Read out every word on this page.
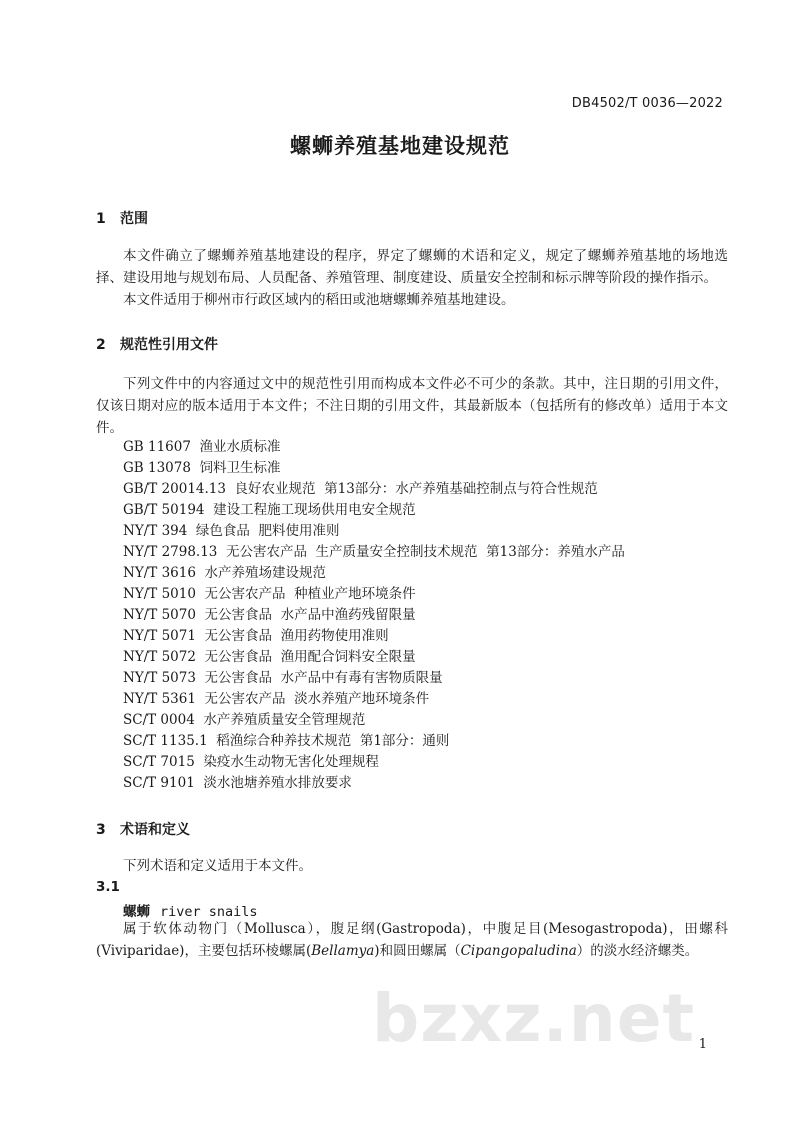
DB4502/T 0036—2022
螺蛳养殖基地建设规范
1 范围
本文件确立了螺蛳养殖基地建设的程序，界定了螺蛳的术语和定义，规定了螺蛳养殖基地的场地选择、建设用地与规划布局、人员配备、养殖管理、制度建设、质量安全控制和标示牌等阶段的操作指示。
本文件适用于柳州市行政区域内的稻田或池塘螺蛳养殖基地建设。
2 规范性引用文件
下列文件中的内容通过文中的规范性引用而构成本文件必不可少的条款。其中，注日期的引用文件，仅该日期对应的版本适用于本文件；不注日期的引用文件，其最新版本（包括所有的修改单）适用于本文件。
GB 11607  渔业水质标准
GB 13078  饲料卫生标准
GB/T 20014.13  良好农业规范  第13部分：水产养殖基础控制点与符合性规范
GB/T 50194  建设工程施工现场供用电安全规范
NY/T 394  绿色食品  肥料使用准则
NY/T 2798.13  无公害农产品  生产质量安全控制技术规范  第13部分：养殖水产品
NY/T 3616  水产养殖场建设规范
NY/T 5010  无公害农产品  种植业产地环境条件
NY/T 5070  无公害食品  水产品中渔药残留限量
NY/T 5071  无公害食品  渔用药物使用准则
NY/T 5072  无公害食品  渔用配合饲料安全限量
NY/T 5073  无公害食品  水产品中有毒有害物质限量
NY/T 5361  无公害农产品  淡水养殖产地环境条件
SC/T 0004  水产养殖质量安全管理规范
SC/T 1135.1  稻渔综合种养技术规范  第1部分：通则
SC/T 7015  染疫水生动物无害化处理规程
SC/T 9101  淡水池塘养殖水排放要求
3 术语和定义
下列术语和定义适用于本文件。
3.1
螺蛳 river snails
属于软体动物门（Mollusca），腹足纲(Gastropoda)，中腹足目(Mesogastropoda)，田螺科(Viviparidae)，主要包括环棱螺属(Bellamya)和圆田螺属（Cipangopaludina）的淡水经济螺类。
bzxz.net 1
